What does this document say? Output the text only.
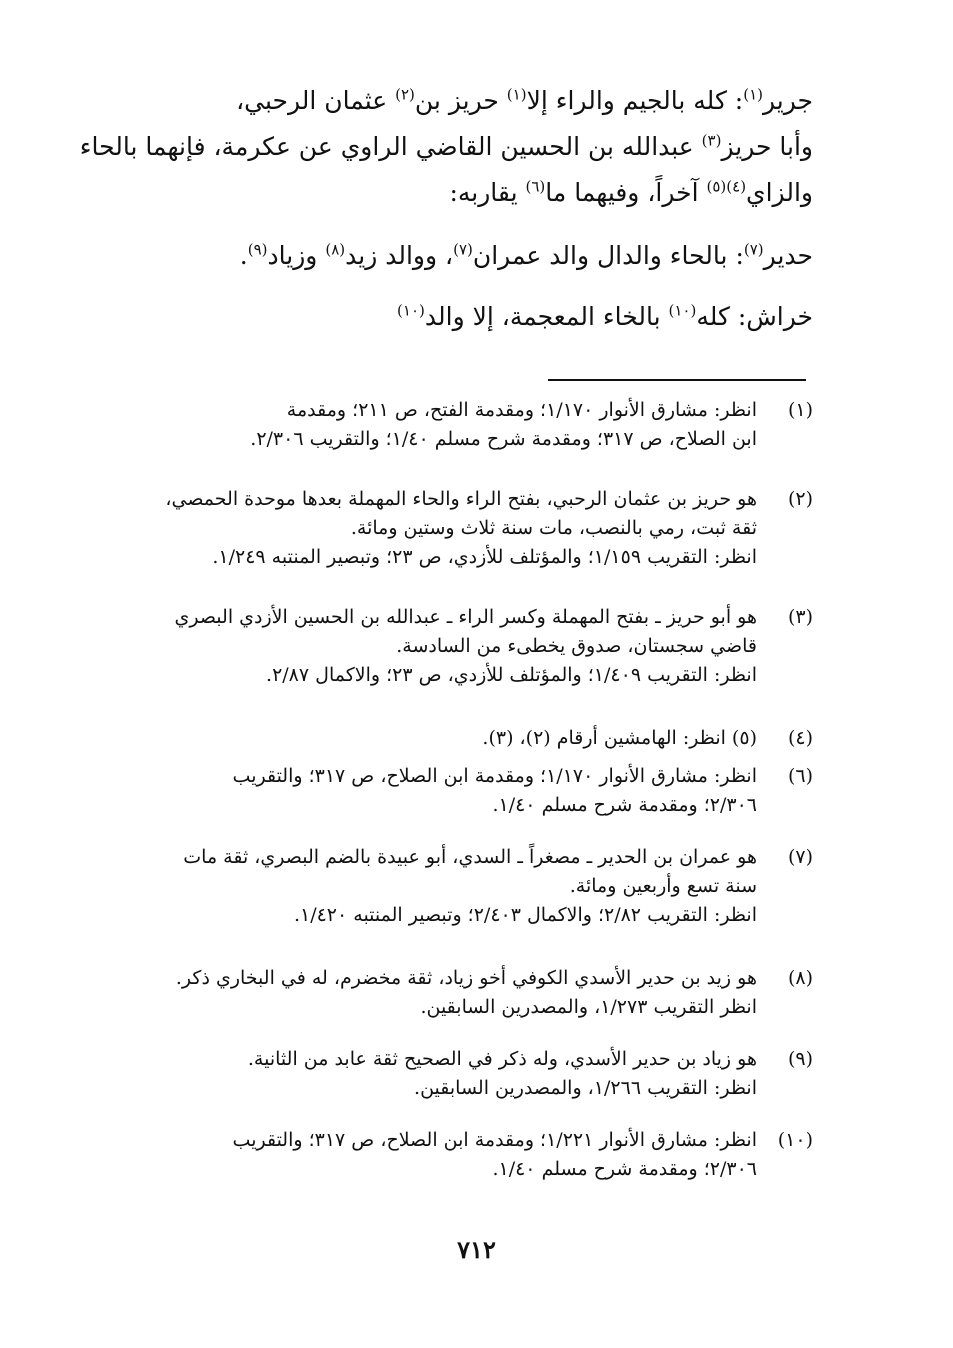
جرير$^{(١)}$: كله بالجيم والراء إلا$^{(١)}$ حريز بن$^{(٢)}$ عثمان الرحبي،
وأبا حريز$^{(٣)}$ عبدالله بن الحسين القاضي الراوي عن عكرمة، فإنهما بالحاء
والزاي$^{(٤)(٥)}$ آخراً، وفيهما ما$^{(٦)}$ يقاربه:
حدير$^{(٧)}$: بالحاء والدال والد عمران$^{(٧)}$، ووالد زيد$^{(٨)}$ وزياد$^{(٩)}$.
خراش: كله$^{(١٠)}$ بالخاء المعجمة، إلا والد$^{(١٠)}$
(١)
انظر: مشارق الأنوار ١/١٧٠؛ ومقدمة الفتح، ص ٢١١؛ ومقدمة
ابن الصلاح، ص ٣١٧؛ ومقدمة شرح مسلم ١/٤٠؛ والتقريب ٢/٣٠٦.
(٢)
هو حريز بن عثمان الرحبي، بفتح الراء والحاء المهملة بعدها موحدة الحمصي،
ثقة ثبت، رمي بالنصب، مات سنة ثلاث وستين ومائة.
انظر: التقريب ١/١٥٩؛ والمؤتلف للأزدي، ص ٢٣؛ وتبصير المنتبه ١/٢٤٩.
(٣)
هو أبو حريز ـ بفتح المهملة وكسر الراء ـ عبدالله بن الحسين الأزدي البصري
قاضي سجستان، صدوق يخطىء من السادسة.
انظر: التقريب ١/٤٠٩؛ والمؤتلف للأزدي، ص ٢٣؛ والاكمال ٢/٨٧.
(٤)
(٥) انظر: الهامشين أرقام (٢)، (٣).
(٦)
انظر: مشارق الأنوار ١/١٧٠؛ ومقدمة ابن الصلاح، ص ٣١٧؛ والتقريب
٢/٣٠٦؛ ومقدمة شرح مسلم ١/٤٠.
(٧)
هو عمران بن الحدير ـ مصغراً ـ السدي، أبو عبيدة بالضم البصري، ثقة مات
سنة تسع وأربعين ومائة.
انظر: التقريب ٢/٨٢؛ والاكمال ٢/٤٠٣؛ وتبصير المنتبه ١/٤٢٠.
(٨)
هو زيد بن حدير الأسدي الكوفي أخو زياد، ثقة مخضرم، له في البخاري ذكر.
انظر التقريب ١/٢٧٣، والمصدرين السابقين.
(٩)
هو زياد بن حدير الأسدي، وله ذكر في الصحيح ثقة عابد من الثانية.
انظر: التقريب ١/٢٦٦، والمصدرين السابقين.
(١٠)
انظر: مشارق الأنوار ١/٢٢١؛ ومقدمة ابن الصلاح، ص ٣١٧؛ والتقريب
٢/٣٠٦؛ ومقدمة شرح مسلم ١/٤٠.
٧١٢
